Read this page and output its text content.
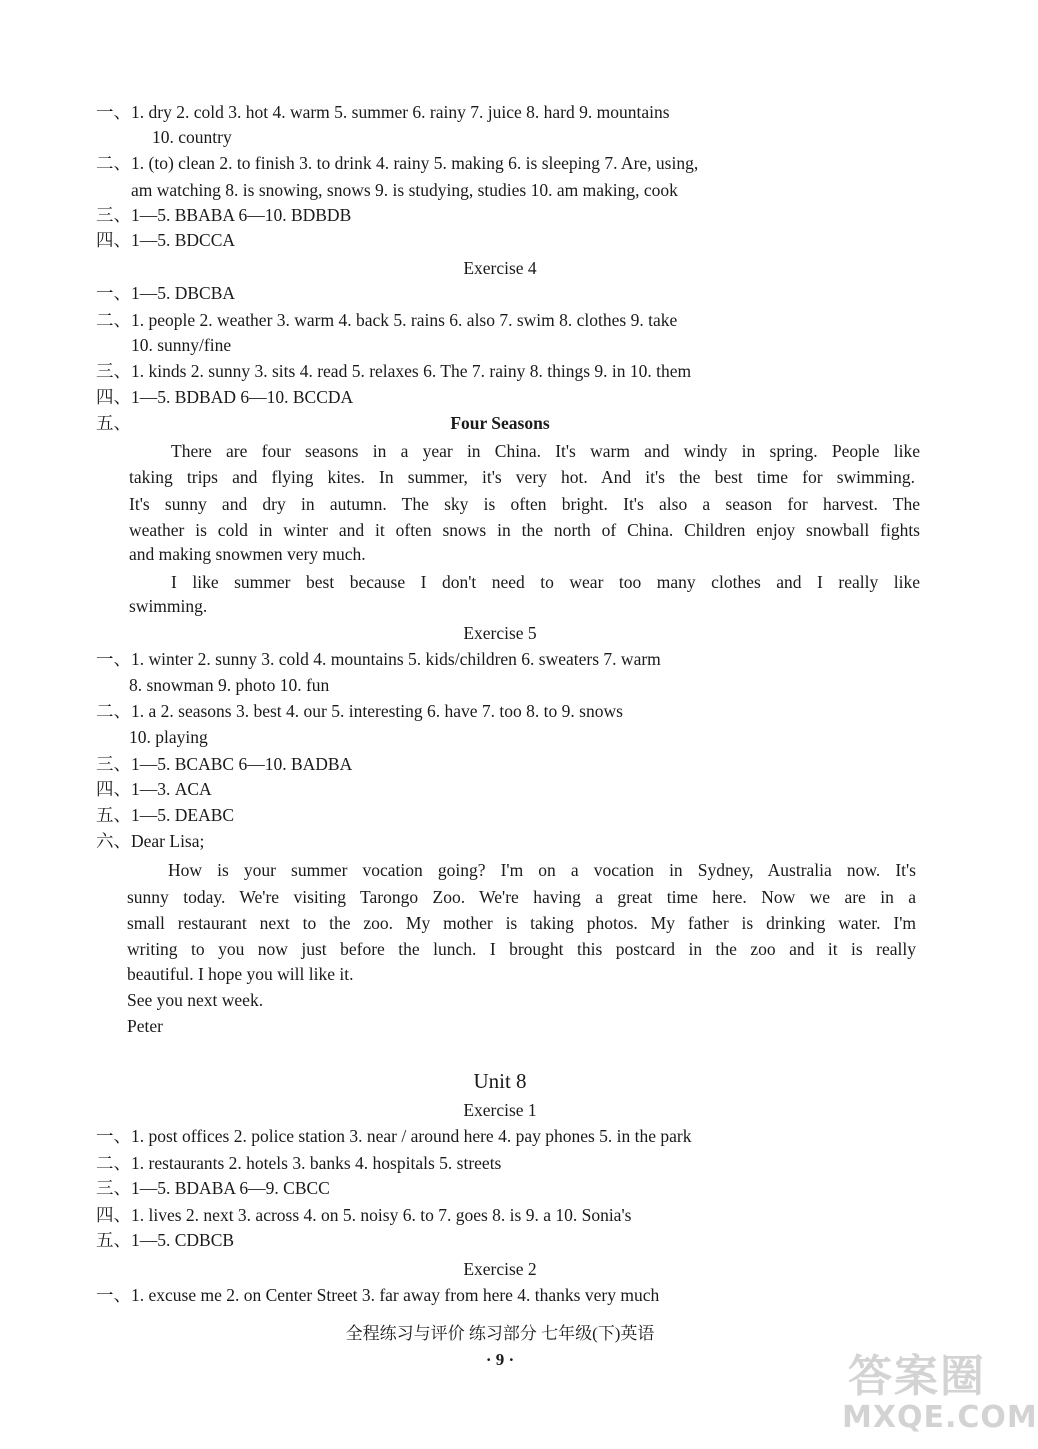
一、1. dry 2. cold 3. hot 4. warm 5. summer 6. rainy 7. juice 8. hard 9. mountains
10. country
二、1. (to) clean 2. to finish 3. to drink 4. rainy 5. making 6. is sleeping 7. Are, using,
am watching 8. is snowing, snows 9. is studying, studies 10. am making, cook
三、1—5. BBABA 6—10. BDBDB
四、1—5. BDCCA
Exercise 4
一、1—5. DBCBA
二、1. people 2. weather 3. warm 4. back 5. rains 6. also 7. swim 8. clothes 9. take
10. sunny/fine
三、1. kinds 2. sunny 3. sits 4. read 5. relaxes 6. The 7. rainy 8. things 9. in 10. them
四、1—5. BDBAD 6—10. BCCDA
五、	Four Seasons
There are four seasons in a year in China. It's warm and windy in spring. People like
taking trips and flying kites. In summer, it's very hot. And it's the best time for swimming.
It's sunny and dry in autumn. The sky is often bright. It's also a season for harvest. The
weather is cold in winter and it often snows in the north of China. Children enjoy snowball fights
and making snowmen very much.
I like summer best because I don't need to wear too many clothes and I really like
swimming.
Exercise 5
一、1. winter 2. sunny 3. cold 4. mountains 5. kids/children 6. sweaters 7. warm
8. snowman 9. photo 10. fun
二、1. a 2. seasons 3. best 4. our 5. interesting 6. have 7. too 8. to 9. snows
10. playing
三、1—5. BCABC 6—10. BADBA
四、1—3. ACA
五、1—5. DEABC
六、Dear Lisa;
How is your summer vocation going? I'm on a vocation in Sydney, Australia now. It's
sunny today. We're visiting Tarongo Zoo. We're having a great time here. Now we are in a
small restaurant next to the zoo. My mother is taking photos. My father is drinking water. I'm
writing to you now just before the lunch. I brought this postcard in the zoo and it is really
beautiful. I hope you will like it.
See you next week.
Peter
Unit 8
Exercise 1
一、1. post offices 2. police station 3. near / around here 4. pay phones 5. in the park
二、1. restaurants 2. hotels 3. banks 4. hospitals 5. streets
三、1—5. BDABA 6—9. CBCC
四、1. lives 2. next 3. across 4. on 5. noisy 6. to 7. goes 8. is 9. a 10. Sonia's
五、1—5. CDBCB
Exercise 2
一、1. excuse me 2. on Center Street 3. far away from here 4. thanks very much
全程练习与评价 练习部分 七年级(下)英语
· 9 ·	答案圈
MXQE.COM
